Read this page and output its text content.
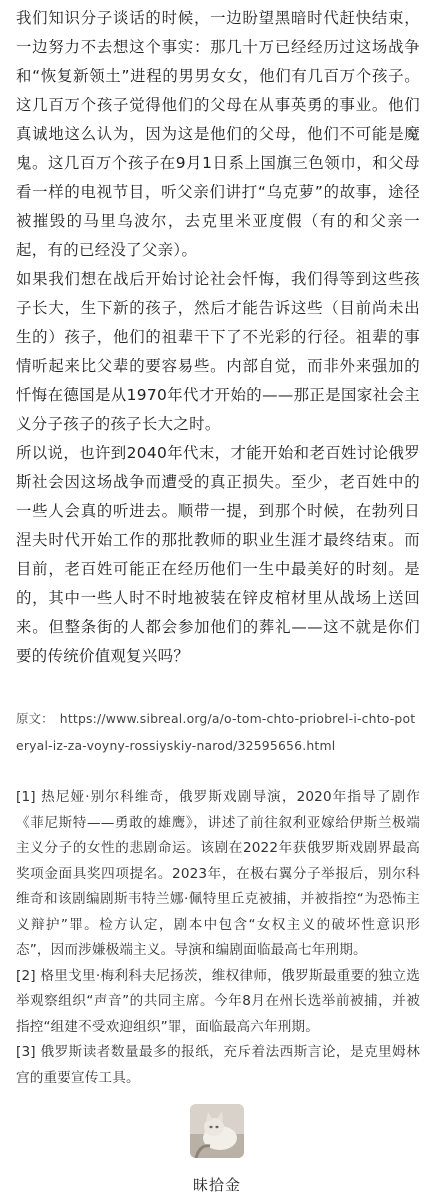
我们知识分子谈话的时候，一边盼望黑暗时代赶快结束，一边努力不去想这个事实：那几十万已经经历过这场战争和“恢复新领土”进程的男男女女，他们有几百万个孩子。这几百万个孩子觉得他们的父母在从事英勇的事业。他们真诚地这么认为，因为这是他们的父母，他们不可能是魔鬼。这几百万个孩子在9月1日系上国旗三色领巾，和父母看一样的电视节目，听父亲们讲打“乌克萝”的故事，途径被摧毁的马里乌波尔，去克里米亚度假（有的和父亲一起，有的已经没了父亲）。

如果我们想在战后开始讨论社会忏悔，我们得等到这些孩子长大，生下新的孩子，然后才能告诉这些（目前尚未出生的）孩子，他们的祖辈干下了不光彩的行径。祖辈的事情听起来比父辈的要容易些。内部自觉，而非外来强加的忏悔在德国是从1970年代才开始的——那正是国家社会主义分子孩子的孩子长大之时。

所以说，也许到2040年代末，才能开始和老百姓讨论俄罗斯社会因这场战争而遭受的真正损失。至少，老百姓中的一些人会真的听进去。顺带一提，到那个时候，在勃列日涅夫时代开始工作的那批教师的职业生涯才最终结束。而目前，老百姓可能正在经历他们一生中最美好的时刻。是的，其中一些人时不时地被装在锌皮棺材里从战场上送回来。但整条街的人都会参加他们的葬礼——这不就是你们要的传统价值观复兴吗？

原文： https://www.sibreal.org/a/o-tom-chto-priobrel-i-chto-poteryal-iz-za-voyny-rossiyskiy-narod/32595656.html

[1] 热尼娅·别尔科维奇，俄罗斯戏剧导演，2020年指导了剧作《菲尼斯特——勇敢的雄鹰》，讲述了前往叙利亚嫁给伊斯兰极端主义分子的女性的悲剧命运。该剧在2022年获俄罗斯戏剧界最高奖项金面具奖四项提名。2023年，在极右翼分子举报后，别尔科维奇和该剧编剧斯韦特兰娜·佩特里丘克被捕，并被指控“为恐怖主义辩护”罪。检方认定，剧本中包含“女权主义的破坏性意识形态”，因而涉嫌极端主义。导演和编剧面临最高七年刑期。

[2] 格里戈里·梅利科夫尼扬茨，维权律师，俄罗斯最重要的独立选举观察组织“声音”的共同主席。今年8月在州长选举前被捕，并被指控“组建不受欢迎组织”罪，面临最高六年刑期。

[3] 俄罗斯读者数量最多的报纸，充斥着法西斯言论，是克里姆林宫的重要宣传工具。

昧拾金
